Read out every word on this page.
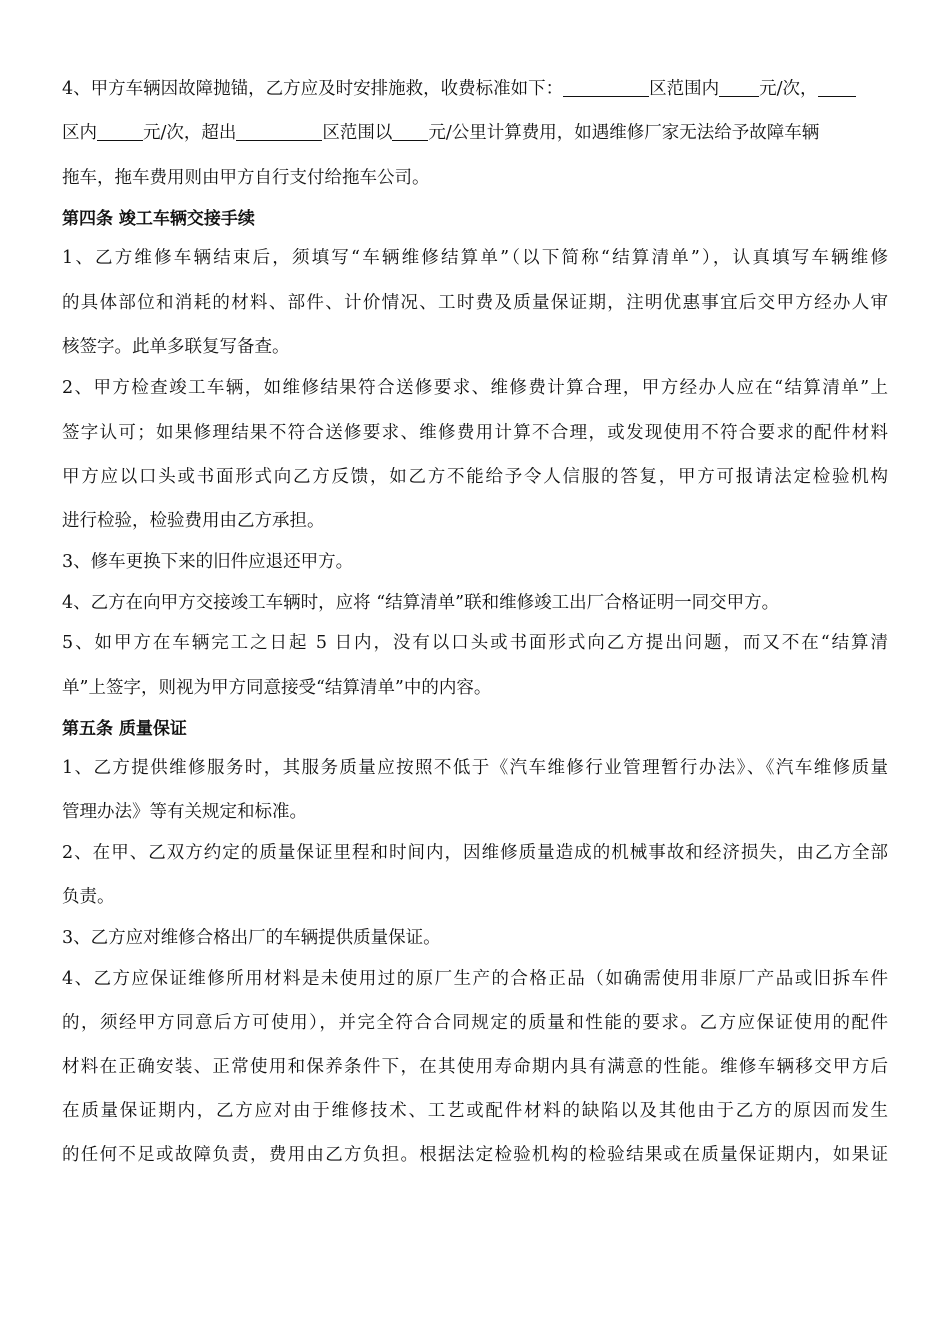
4、甲方车辆因故障抛锚，乙方应及时安排施救，收费标准如下：	区范围内 元/次，
区内	元/次，超出	区范围以 元/公里计算费用，如遇维修厂家无法给予故障车辆
拖车，拖车费用则由甲方自行支付给拖车公司。
第四条 竣工车辆交接手续
1、乙方维修车辆结束后，须填写“车辆维修结算单”（以下简称“结算清单”），认真填写车辆维修
的具体部位和消耗的材料、部件、计价情况、工时费及质量保证期，注明优惠事宜后交甲方经办人审
核签字。此单多联复写备查。
2、甲方检查竣工车辆，如维修结果符合送修要求、维修费计算合理，甲方经办人应在“结算清单”上
签字认可；如果修理结果不符合送修要求、维修费用计算不合理，或发现使用不符合要求的配件材料
甲方应以口头或书面形式向乙方反馈，如乙方不能给予令人信服的答复，甲方可报请法定检验机构
进行检验，检验费用由乙方承担。
3、修车更换下来的旧件应退还甲方。
4、乙方在向甲方交接竣工车辆时，应将 “结算清单”联和维修竣工出厂合格证明一同交甲方。
5、如甲方在车辆完工之日起 5 日内，没有以口头或书面形式向乙方提出问题，而又不在“结算清
单”上签字，则视为甲方同意接受“结算清单”中的内容。
第五条 质量保证
1、乙方提供维修服务时，其服务质量应按照不低于《汽车维修行业管理暂行办法》、《汽车维修质量
管理办法》等有关规定和标准。
2、在甲、乙双方约定的质量保证里程和时间内，因维修质量造成的机械事故和经济损失，由乙方全部
负责。
3、乙方应对维修合格出厂的车辆提供质量保证。
4、乙方应保证维修所用材料是未使用过的原厂生产的合格正品（如确需使用非原厂产品或旧拆车件
的，须经甲方同意后方可使用），并完全符合合同规定的质量和性能的要求。乙方应保证使用的配件
材料在正确安装、正常使用和保养条件下，在其使用寿命期内具有满意的性能。维修车辆移交甲方后
在质量保证期内，乙方应对由于维修技术、工艺或配件材料的缺陷以及其他由于乙方的原因而发生
的任何不足或故障负责，费用由乙方负担。根据法定检验机构的检验结果或在质量保证期内，如果证
